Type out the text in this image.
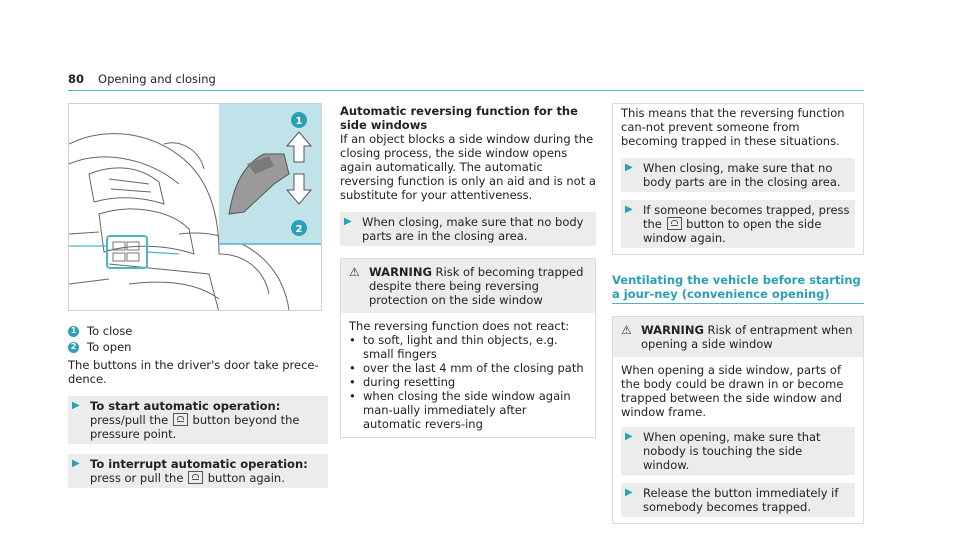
80 Opening and closing
1
2
1 To close
2 To open
The buttons in the driver's door take prece-dence.
▶ To start automatic operation: press/pull the  button beyond the pressure point.
▶ To interrupt automatic operation: press or pull the  button again.
Automatic reversing function for the side windows
If an object blocks a side window during the closing process, the side window opens again automatically. The automatic reversing function is only an aid and is not a substitute for your attentiveness.
▶ When closing, make sure that no body parts are in the closing area.
⚠ WARNING Risk of becoming trapped despite there being reversing protection on the side window
The reversing function does not react:
• to soft, light and thin objects, e.g. small fingers
• over the last 4 mm of the closing path
• during resetting
• when closing the side window again man-ually immediately after automatic revers-ing
This means that the reversing function can-not prevent someone from becoming trapped in these situations.
▶ When closing, make sure that no body parts are in the closing area.
▶ If someone becomes trapped, press the  button to open the side window again.
Ventilating the vehicle before starting a jour-ney (convenience opening)
⚠ WARNING Risk of entrapment when opening a side window
When opening a side window, parts of the body could be drawn in or become trapped between the side window and window frame.
▶ When opening, make sure that nobody is touching the side window.
▶ Release the button immediately if somebody becomes trapped.
